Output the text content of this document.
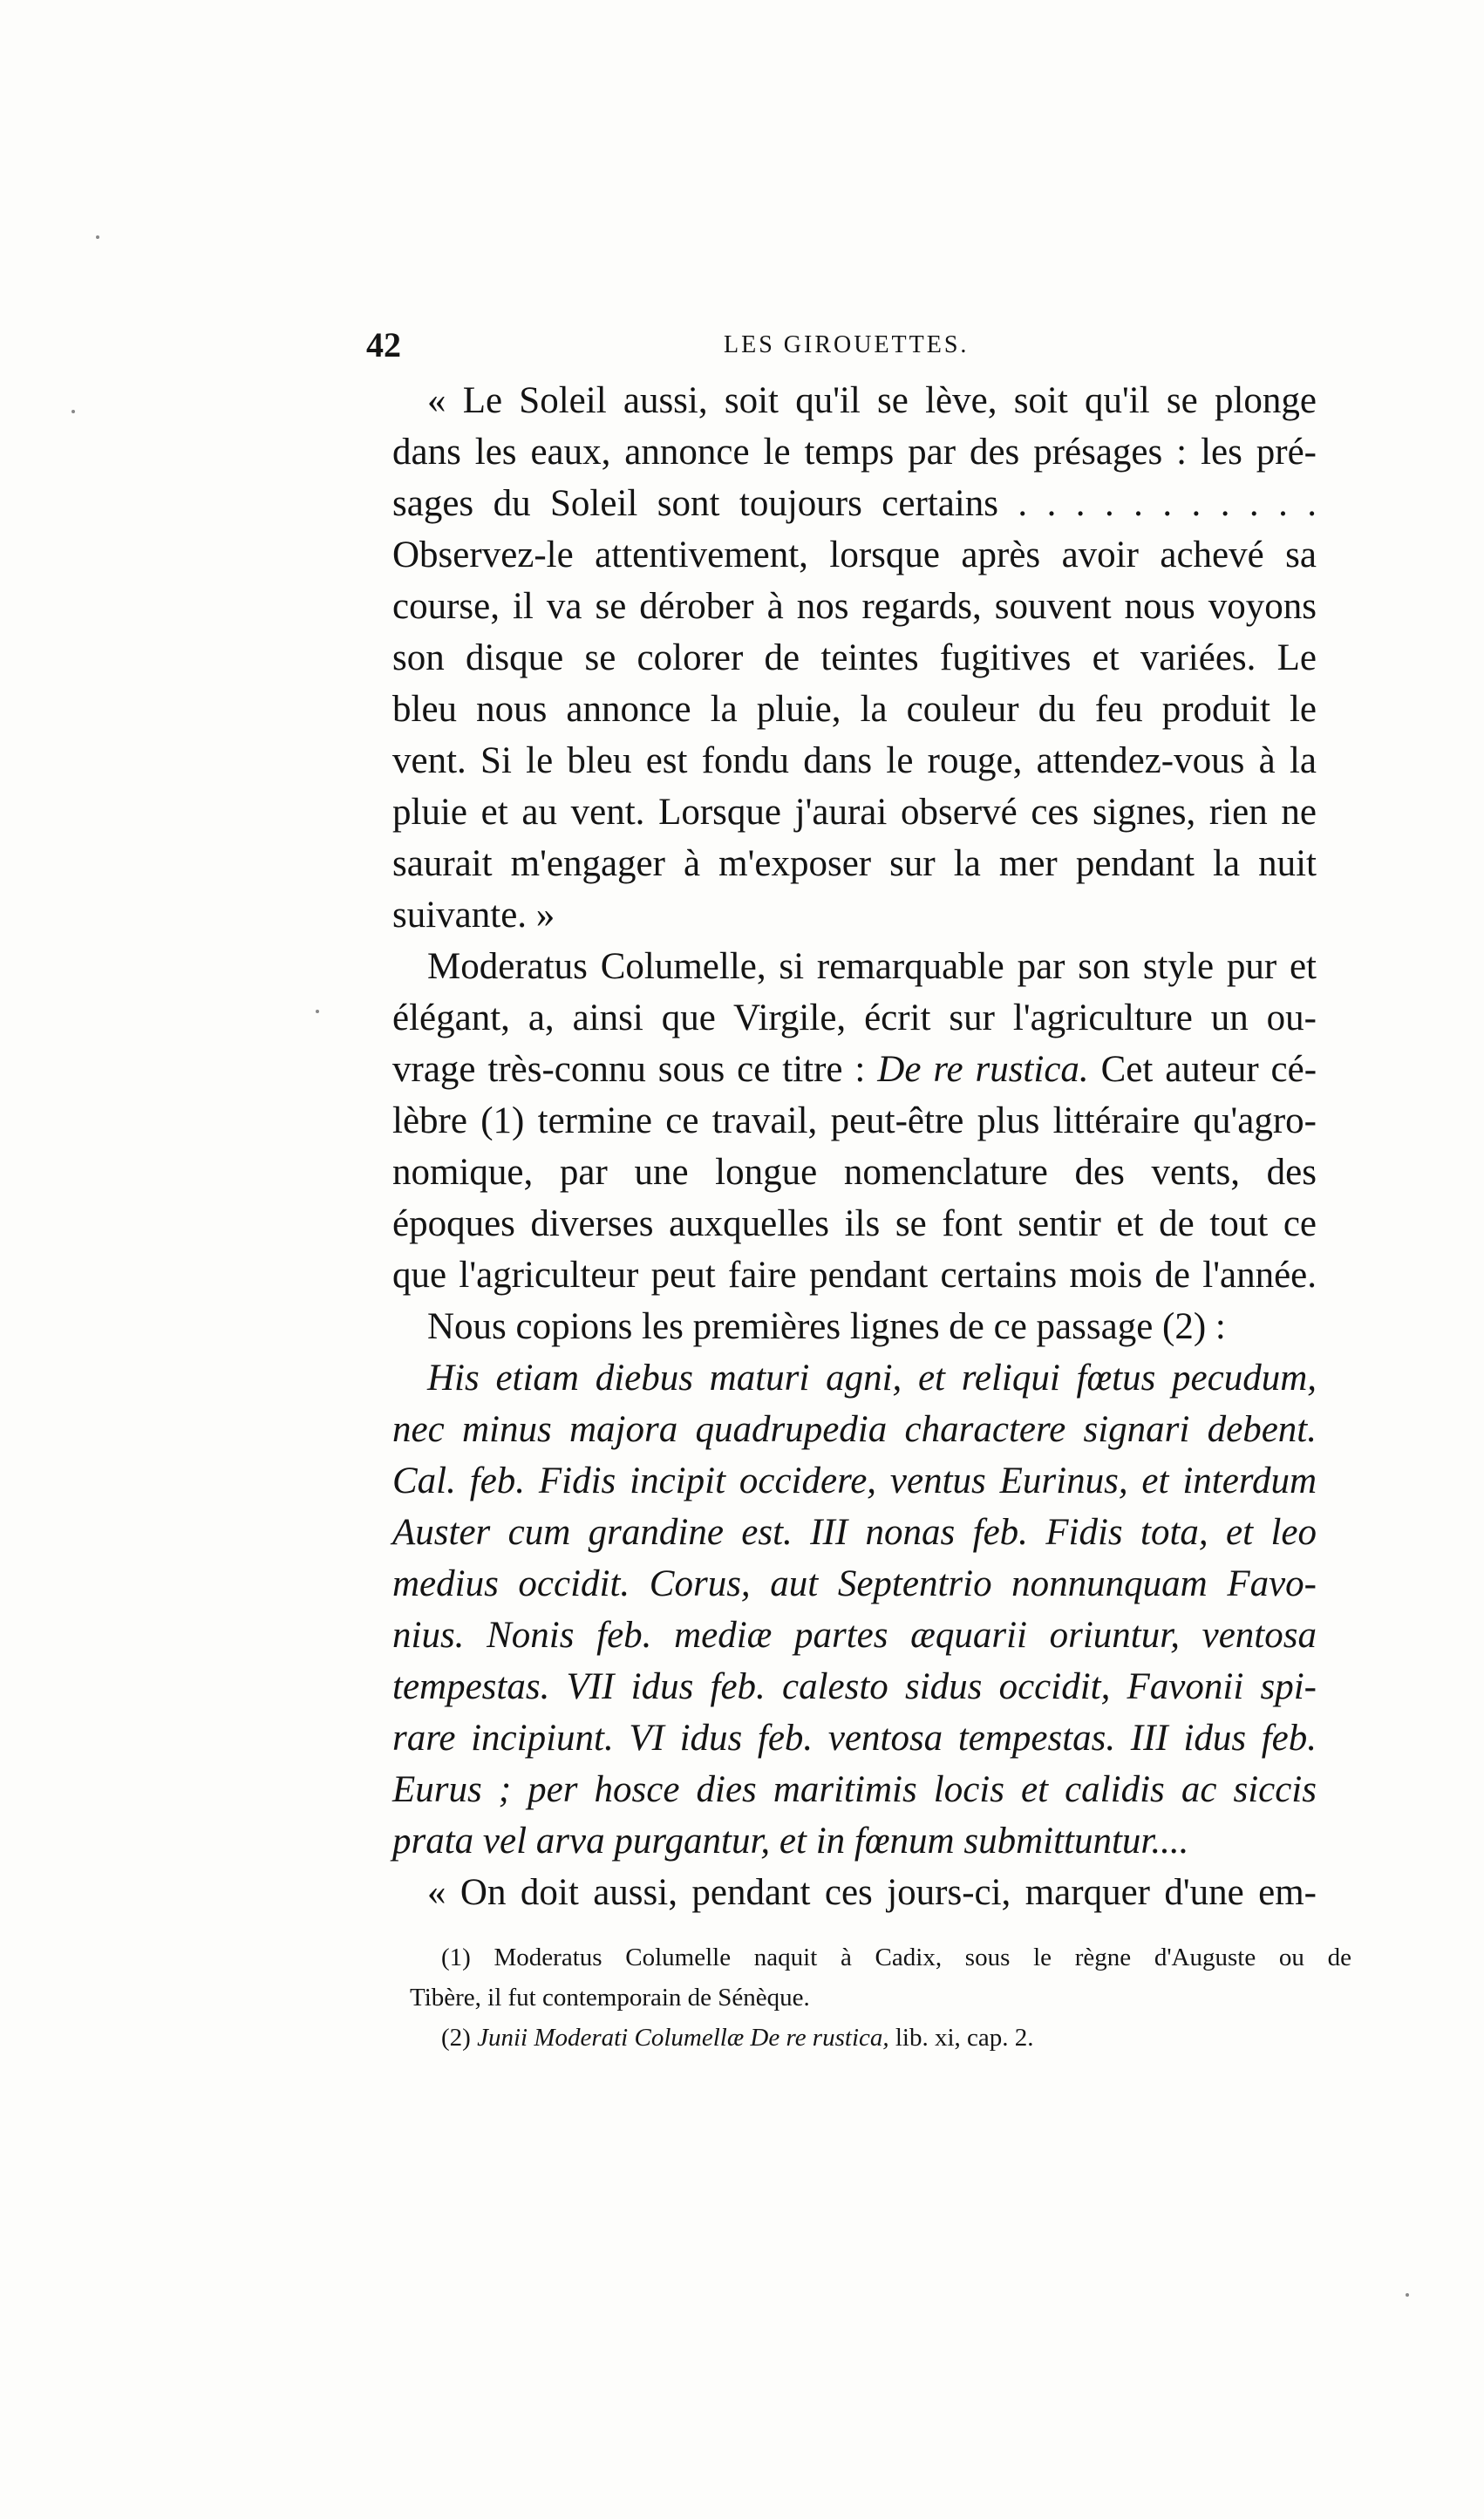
42	LES GIROUETTES.
« Le Soleil aussi, soit qu'il se lève, soit qu'il se plonge
dans les eaux, annonce le temps par des présages : les pré-
sages du Soleil sont toujours certains . . . . . . . . . . .
Observez-le attentivement, lorsque après avoir achevé sa
course, il va se dérober à nos regards, souvent nous voyons
son disque se colorer de teintes fugitives et variées. Le
bleu nous annonce la pluie, la couleur du feu produit le
vent. Si le bleu est fondu dans le rouge, attendez-vous à la
pluie et au vent. Lorsque j'aurai observé ces signes, rien ne
saurait m'engager à m'exposer sur la mer pendant la nuit
suivante. »
Moderatus Columelle, si remarquable par son style pur et
élégant, a, ainsi que Virgile, écrit sur l'agriculture un ou-
vrage très-connu sous ce titre : De re rustica. Cet auteur cé-
lèbre (1) termine ce travail, peut-être plus littéraire qu'agro-
nomique, par une longue nomenclature des vents, des
époques diverses auxquelles ils se font sentir et de tout ce
que l'agriculteur peut faire pendant certains mois de l'année.
Nous copions les premières lignes de ce passage (2) :
His etiam diebus maturi agni, et reliqui fœtus pecudum,
nec minus majora quadrupedia charactere signari debent.
Cal. feb. Fidis incipit occidere, ventus Eurinus, et interdum
Auster cum grandine est. III nonas feb. Fidis tota, et leo
medius occidit. Corus, aut Septentrio nonnunquam Favo-
nius. Nonis feb. mediæ partes æquarii oriuntur, ventosa
tempestas. VII idus feb. calesto sidus occidit, Favonii spi-
rare incipiunt. VI idus feb. ventosa tempestas. III idus feb.
Eurus ; per hosce dies maritimis locis et calidis ac siccis
prata vel arva purgantur, et in fœnum submittuntur....
« On doit aussi, pendant ces jours-ci, marquer d'une em-
(1) Moderatus Columelle naquit à Cadix, sous le règne d'Auguste ou de
Tibère, il fut contemporain de Sénèque.
(2) Junii Moderati Columellæ De re rustica, lib. xi, cap. 2.
